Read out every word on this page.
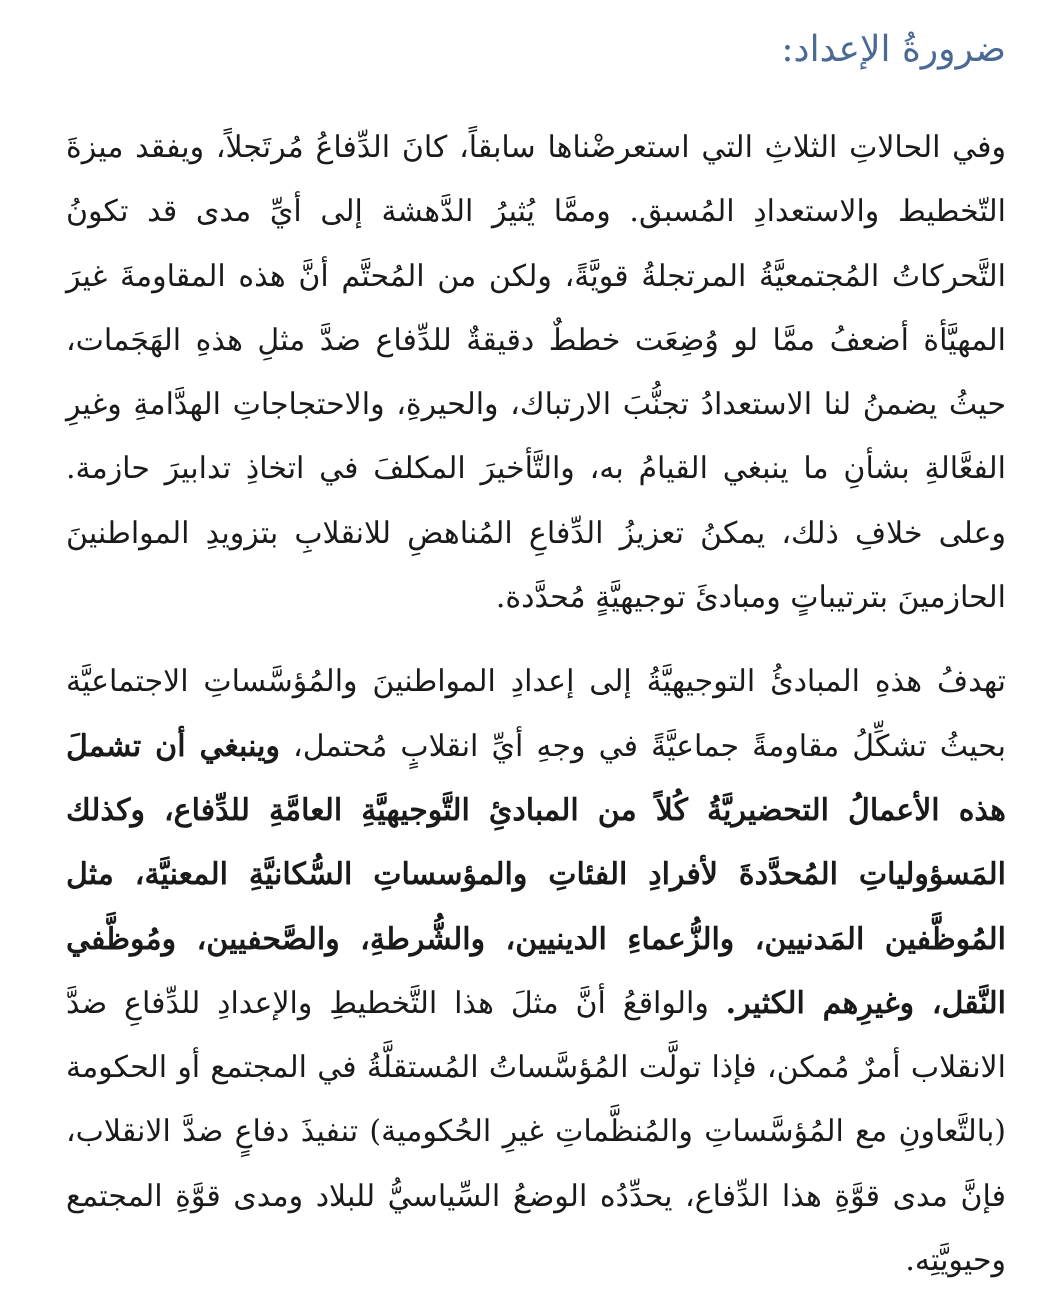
ضرورةُ الإعداد:

وفي الحالاتِ الثلاثِ التي استعرضْناها سابقاً، كانَ الدِّفاعُ مُرتَجلاً، ويفقد ميزةَ التّخطيط والاستعدادِ المُسبق. وممَّا يُثيرُ الدَّهشة إلى أيِّ مدى قد تكونُ التَّحركاتُ المُجتمعيَّةُ المرتجلةُ قويَّةً، ولكن من المُحتَّم أنَّ هذه المقاومةَ غيرَ المهيَّأة أضعفُ ممَّا لو وُضِعَت خططٌ دقيقةٌ للدِّفاع ضدَّ مثلِ هذهِ الهَجَمات، حيثُ يضمنُ لنا الاستعدادُ تجنُّبَ الارتباك، والحيرةِ، والاحتجاجاتِ الهدَّامةِ وغيرِ الفعَّالةِ بشأنِ ما ينبغي القيامُ به، والتَّأخيرَ المكلفَ في اتخاذِ تدابيرَ حازمة. وعلى خلافِ ذلك، يمكنُ تعزيزُ الدِّفاعِ المُناهضِ للانقلابِ بتزويدِ المواطنينَ الحازمينَ بترتيباتٍ ومبادئَ توجيهيَّةٍ مُحدَّدة.

تهدفُ هذهِ المبادئُ التوجيهيَّةُ إلى إعدادِ المواطنينَ والمُؤسَّساتِ الاجتماعيَّة بحيثُ تشكِّلُ مقاومةً جماعيَّةً في وجهِ أيِّ انقلابٍ مُحتمل، وينبغي أن تشملَ هذه الأعمالُ التحضيريَّةُ كُلاً من المبادئِ التَّوجيهيَّةِ العامَّةِ للدِّفاع، وكذلك المَسؤولياتِ المُحدَّدةَ لأفرادِ الفئاتِ والمؤسساتِ السُّكانيَّةِ المعنيَّة، مثل المُوظَّفين المَدنيين، والزُّعماءِ الدينيين، والشُّرطةِ، والصَّحفيين، ومُوظَّفي النَّقل، وغيرِهم الكثير. والواقعُ أنَّ مثلَ هذا التَّخطيطِ والإعدادِ للدِّفاعِ ضدَّ الانقلاب أمرٌ مُمكن، فإذا تولَّت المُؤسَّساتُ المُستقلَّةُ في المجتمع أو الحكومة (بالتَّعاونِ مع المُؤسَّساتِ والمُنظَّماتِ غيرِ الحُكومية) تنفيذَ دفاعٍ ضدَّ الانقلاب، فإنَّ مدى قوَّةِ هذا الدِّفاع، يحدِّدُه الوضعُ السِّياسيُّ للبلاد ومدى قوَّةِ المجتمع وحيويَّتِه.
